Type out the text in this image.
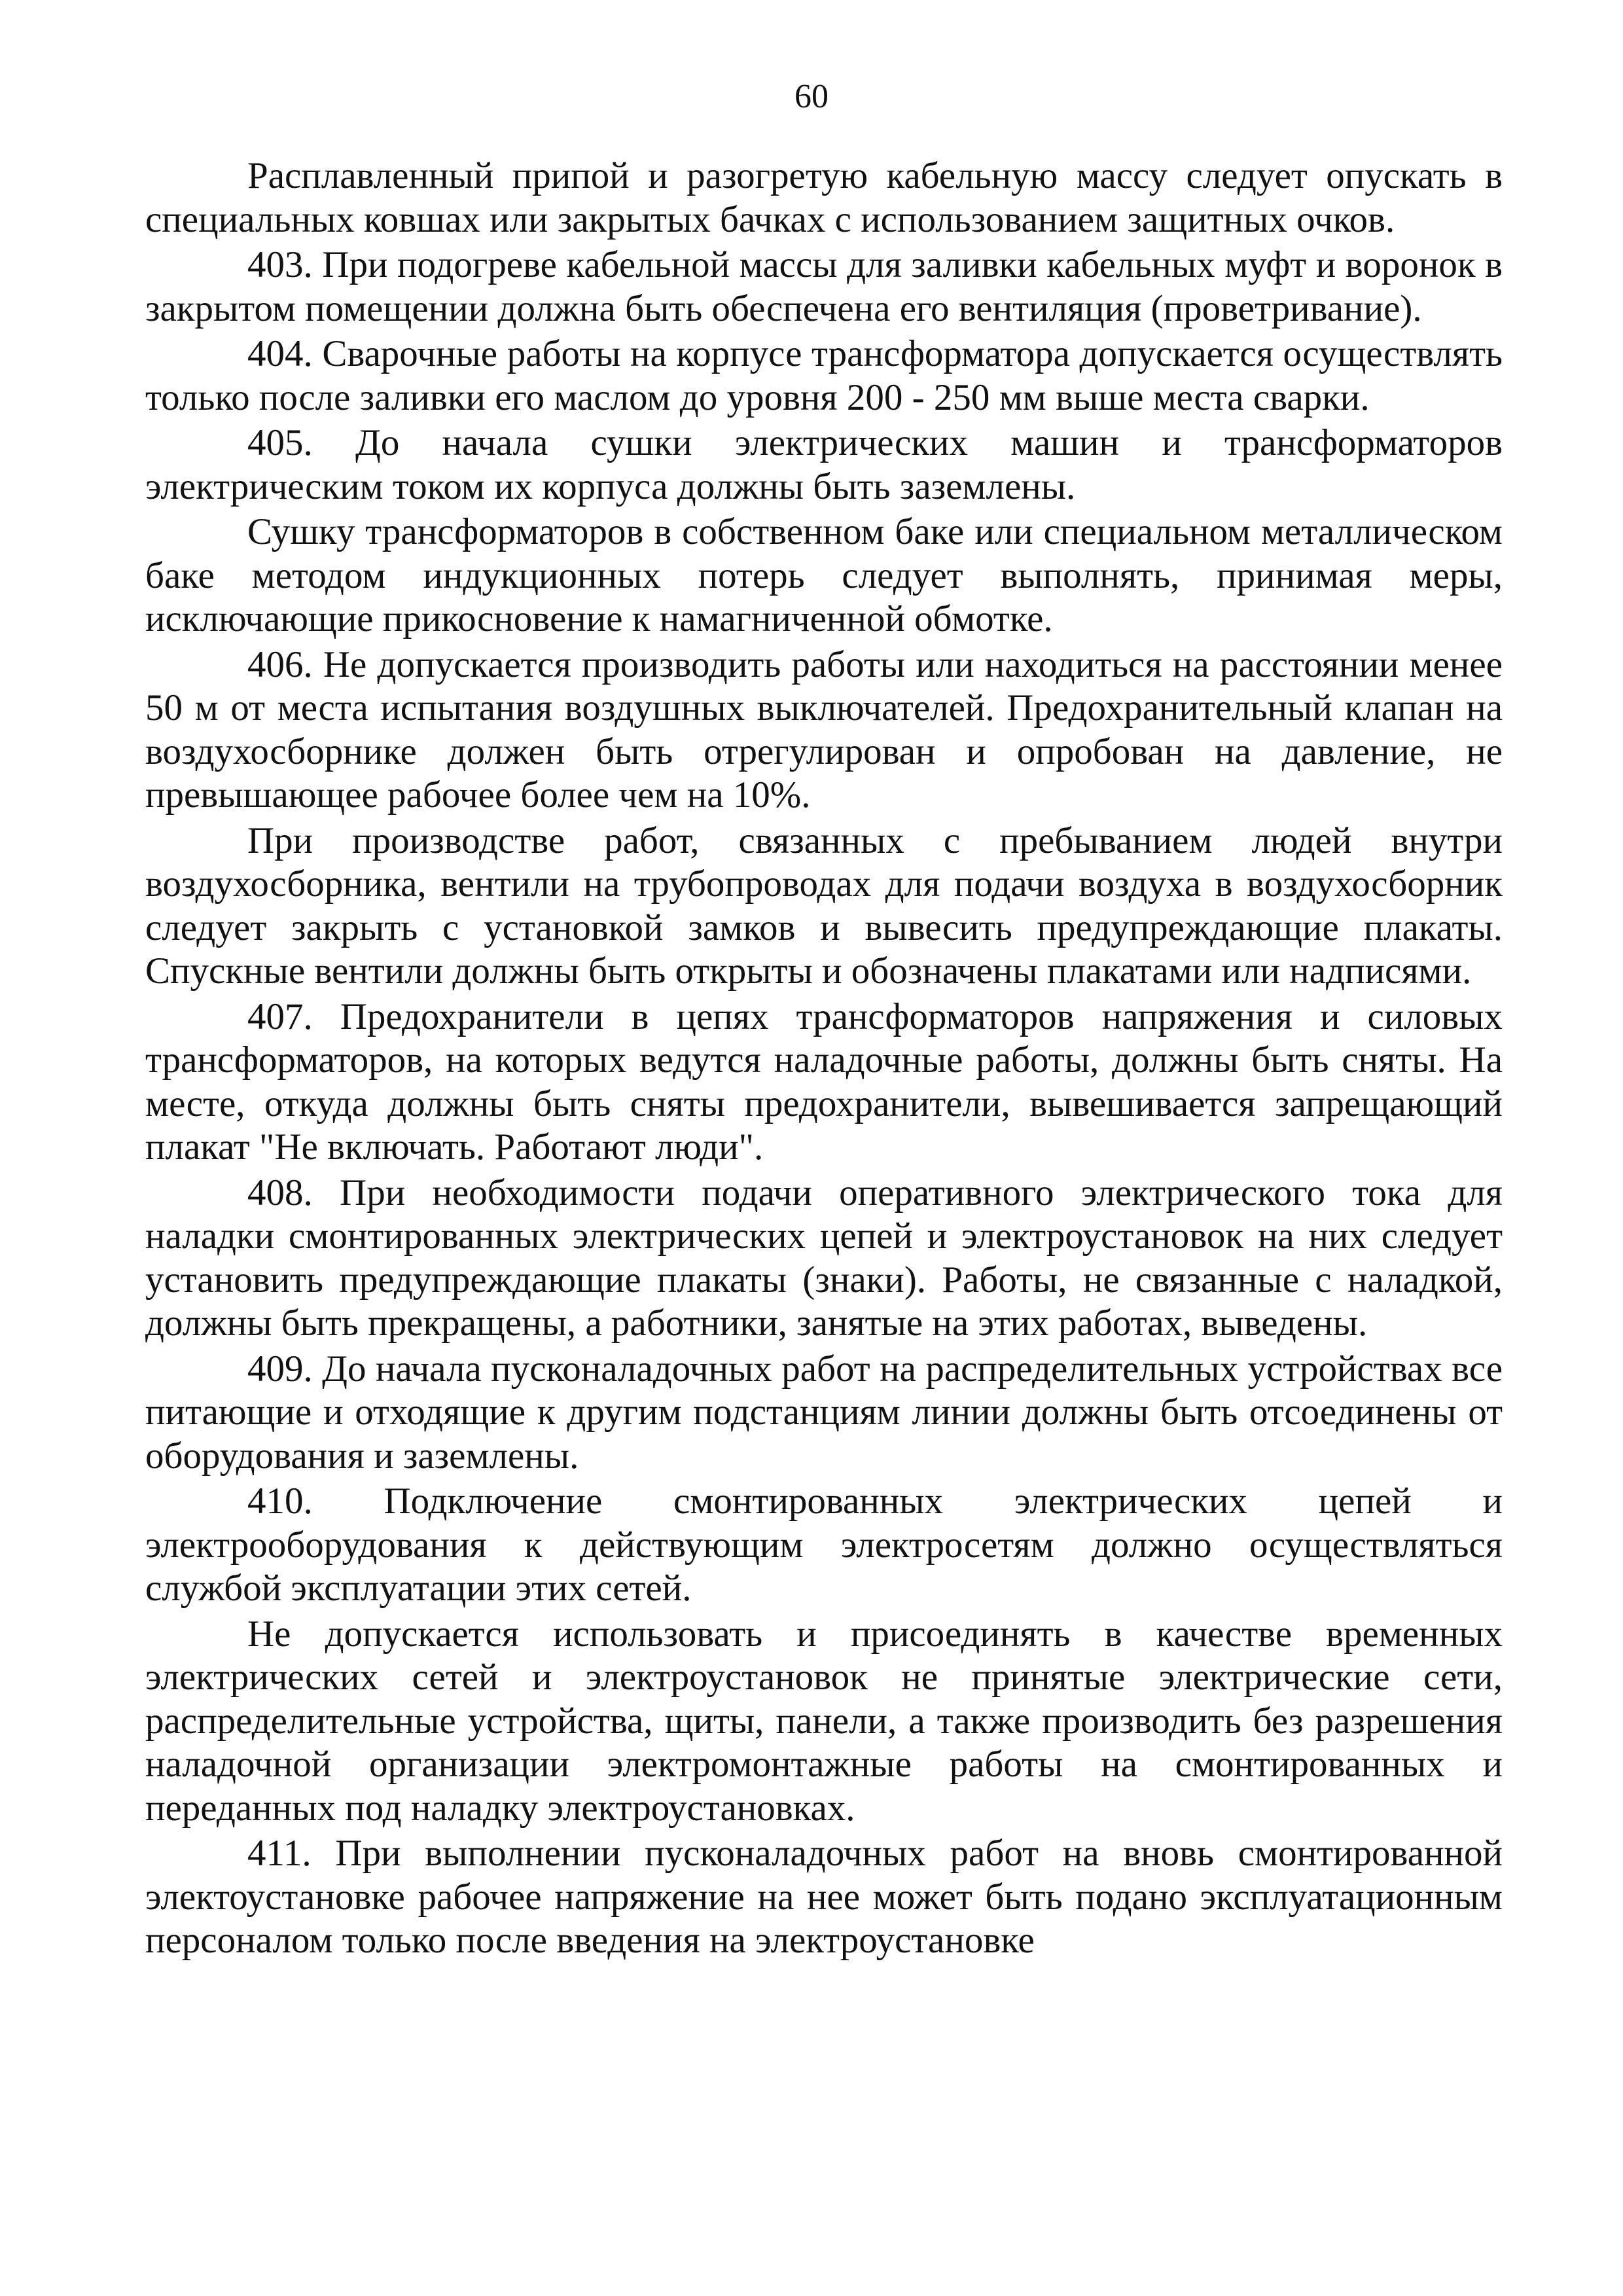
60

Расплавленный припой и разогретую кабельную массу следует опускать в специальных ковшах или закрытых бачках с использованием защитных очков.

403. При подогреве кабельной массы для заливки кабельных муфт и воронок в закрытом помещении должна быть обеспечена его вентиляция (проветривание).

404. Сварочные работы на корпусе трансформатора допускается осуществлять только после заливки его маслом до уровня 200 - 250 мм выше места сварки.

405. До начала сушки электрических машин и трансформаторов электрическим током их корпуса должны быть заземлены.

Сушку трансформаторов в собственном баке или специальном металлическом баке методом индукционных потерь следует выполнять, принимая меры, исключающие прикосновение к намагниченной обмотке.

406. Не допускается производить работы или находиться на расстоянии менее 50 м от места испытания воздушных выключателей. Предохранительный клапан на воздухосборнике должен быть отрегулирован и опробован на давление, не превышающее рабочее более чем на 10%.

При производстве работ, связанных с пребыванием людей внутри воздухосборника, вентили на трубопроводах для подачи воздуха в воздухосборник следует закрыть с установкой замков и вывесить предупреждающие плакаты. Спускные вентили должны быть открыты и обозначены плакатами или надписями.

407. Предохранители в цепях трансформаторов напряжения и силовых трансформаторов, на которых ведутся наладочные работы, должны быть сняты. На месте, откуда должны быть сняты предохранители, вывешивается запрещающий плакат "Не включать. Работают люди".

408. При необходимости подачи оперативного электрического тока для наладки смонтированных электрических цепей и электроустановок на них следует установить предупреждающие плакаты (знаки). Работы, не связанные с наладкой, должны быть прекращены, а работники, занятые на этих работах, выведены.

409. До начала пусконаладочных работ на распределительных устройствах все питающие и отходящие к другим подстанциям линии должны быть отсоединены от оборудования и заземлены.

410. Подключение смонтированных электрических цепей и электрооборудования к действующим электросетям должно осуществляться службой эксплуатации этих сетей.

Не допускается использовать и присоединять в качестве временных электрических сетей и электроустановок не принятые электрические сети, распределительные устройства, щиты, панели, а также производить без разрешения наладочной организации электромонтажные работы на смонтированных и переданных под наладку электроустановках.

411. При выполнении пусконаладочных работ на вновь смонтированной электоустановке рабочее напряжение на нее может быть подано эксплуатационным персоналом только после введения на электроустановке
